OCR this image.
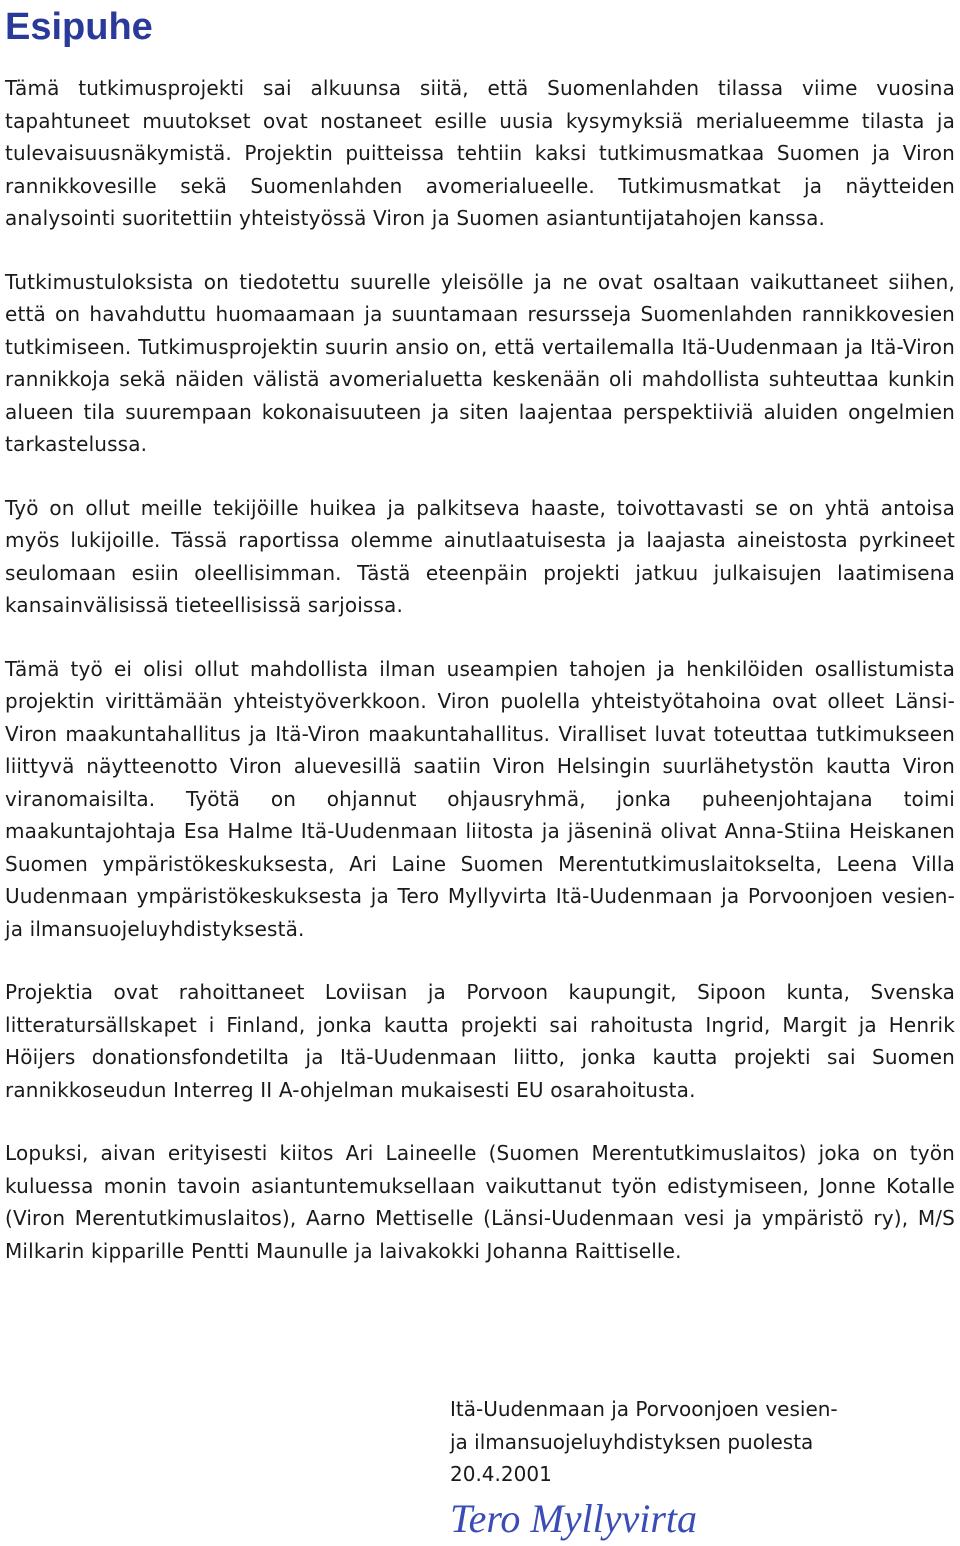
Esipuhe

Tämä tutkimusprojekti sai alkuunsa siitä, että Suomenlahden tilassa viime vuosina tapahtuneet muutokset ovat nostaneet esille uusia kysymyksiä merialueemme tilasta ja tulevaisuusnäkymistä. Projektin puitteissa tehtiin kaksi tutkimusmatkaa Suomen ja Viron rannikkovesille sekä Suomenlahden avomerialueelle. Tutkimusmatkat ja näytteiden analysointi suoritettiin yhteistyössä Viron ja Suomen asiantuntijatahojen kanssa.

Tutkimustuloksista on tiedotettu suurelle yleisölle ja ne ovat osaltaan vaikuttaneet siihen, että on havahduttu huomaamaan ja suuntamaan resursseja Suomenlahden rannikkovesien tutkimiseen. Tutkimusprojektin suurin ansio on, että vertailemalla Itä-Uudenmaan ja Itä-Viron rannikkoja sekä näiden välistä avomerialuetta keskenään oli mahdollista suhteuttaa kunkin alueen tila suurempaan kokonaisuuteen ja siten laajentaa perspektiiviä aluiden ongelmien tarkastelussa.

Työ on ollut meille tekijöille huikea ja palkitseva haaste, toivottavasti se on yhtä antoisa myös lukijoille. Tässä raportissa olemme ainutlaatuisesta ja laajasta aineistosta pyrkineet seulomaan esiin oleellisimman. Tästä eteenpäin projekti jatkuu julkaisujen laatimisena kansainvälisissä tieteellisissä sarjoissa.

Tämä työ ei olisi ollut mahdollista ilman useampien tahojen ja henkilöiden osallistumista projektin virittämään yhteistyöverkkoon. Viron puolella yhteistyötahoina ovat olleet Länsi-Viron maakuntahallitus ja Itä-Viron maakuntahallitus. Viralliset luvat toteuttaa tutkimukseen liittyvä näytteenotto Viron aluevesillä saatiin Viron Helsingin suurlähetystön kautta Viron viranomaisilta. Työtä on ohjannut ohjausryhmä, jonka puheenjohtajana toimi maakuntajohtaja Esa Halme Itä-Uudenmaan liitosta ja jäseninä olivat Anna-Stiina Heiskanen Suomen ympäristökeskuksesta, Ari Laine Suomen Merentutkimuslaitokselta, Leena Villa Uudenmaan ympäristökeskuksesta ja Tero Myllyvirta Itä-Uudenmaan ja Porvoonjoen vesien- ja ilmansuojeluyhdistyksestä.

Projektia ovat rahoittaneet Loviisan ja Porvoon kaupungit, Sipoon kunta, Svenska litteratursällskapet i Finland, jonka kautta projekti sai rahoitusta Ingrid, Margit ja Henrik Höijers donationsfondetilta ja Itä-Uudenmaan liitto, jonka kautta projekti sai Suomen rannikkoseudun Interreg II A-ohjelman mukaisesti EU osarahoitusta.

Lopuksi, aivan erityisesti kiitos Ari Laineelle (Suomen Merentutkimuslaitos) joka on työn kuluessa monin tavoin asiantuntemuksellaan vaikuttanut työn edistymiseen, Jonne Kotalle (Viron Merentutkimuslaitos), Aarno Mettiselle (Länsi-Uudenmaan vesi ja ympäristö ry), M/S Milkarin kipparille Pentti Maunulle ja laivakokki Johanna Raittiselle.

Itä-Uudenmaan ja Porvoonjoen vesien-
ja ilmansuojeluyhdistyksen puolesta
20.4.2001
Tero Myllyvirta
